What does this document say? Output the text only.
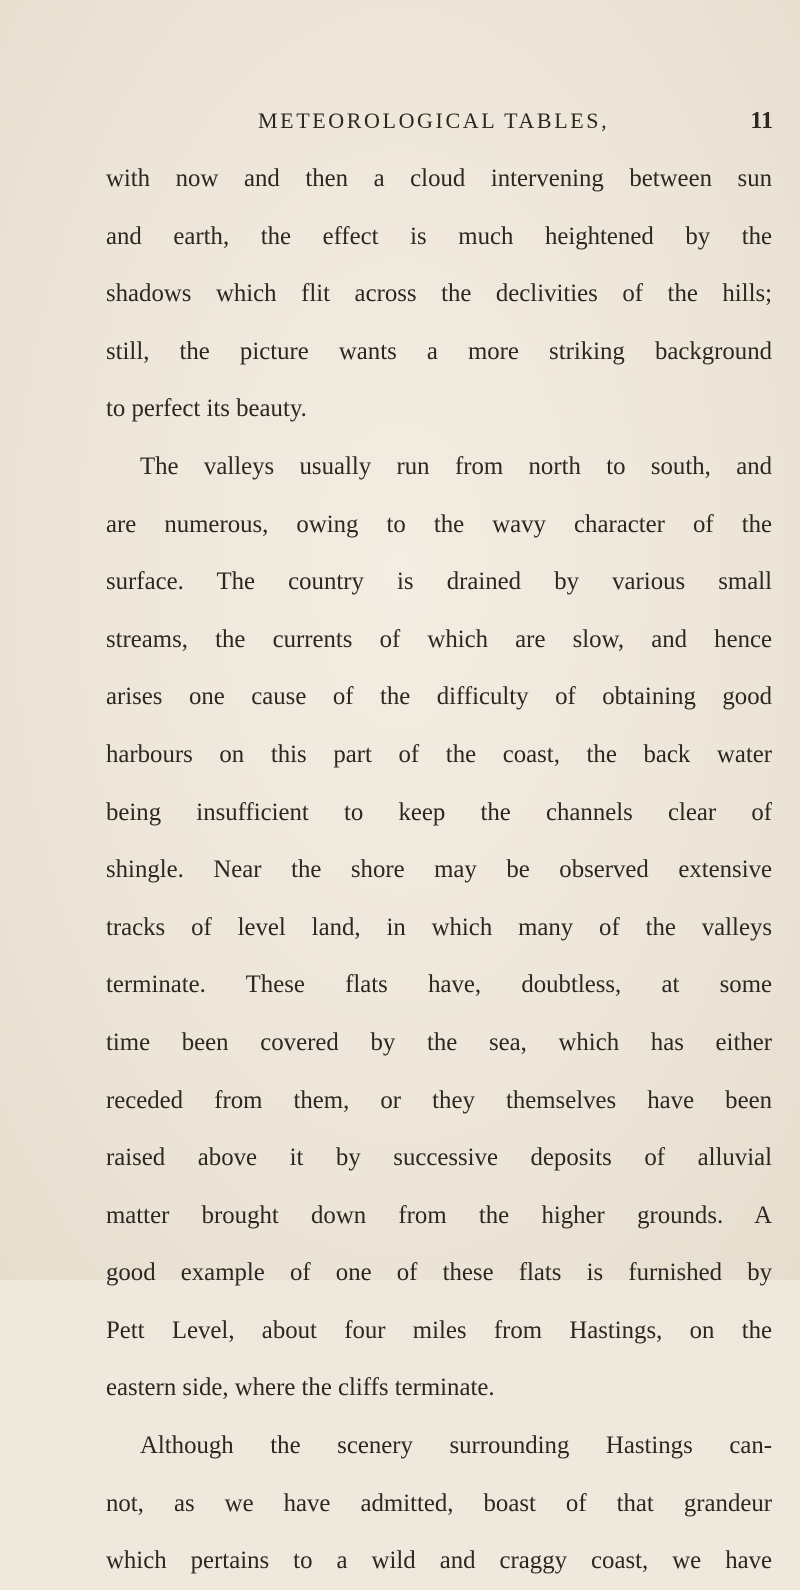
METEOROLOGICAL TABLES,	11
with now and then a cloud intervening between sun
and earth, the effect is much heightened by the
shadows which flit across the declivities of the hills;
still, the picture wants a more striking background
to perfect its beauty.
The valleys usually run from north to south, and
are numerous, owing to the wavy character of the
surface. The country is drained by various small
streams, the currents of which are slow, and hence
arises one cause of the difficulty of obtaining good
harbours on this part of the coast, the back water
being insufficient to keep the channels clear of
shingle. Near the shore may be observed extensive
tracks of level land, in which many of the valleys
terminate. These flats have, doubtless, at some
time been covered by the sea, which has either
receded from them, or they themselves have been
raised above it by successive deposits of alluvial
matter brought down from the higher grounds. A
good example of one of these flats is furnished by
Pett Level, about four miles from Hastings, on the
eastern side, where the cliffs terminate.
Although the scenery surrounding Hastings can-
not, as we have admitted, boast of that grandeur
which pertains to a wild and craggy coast, we have
